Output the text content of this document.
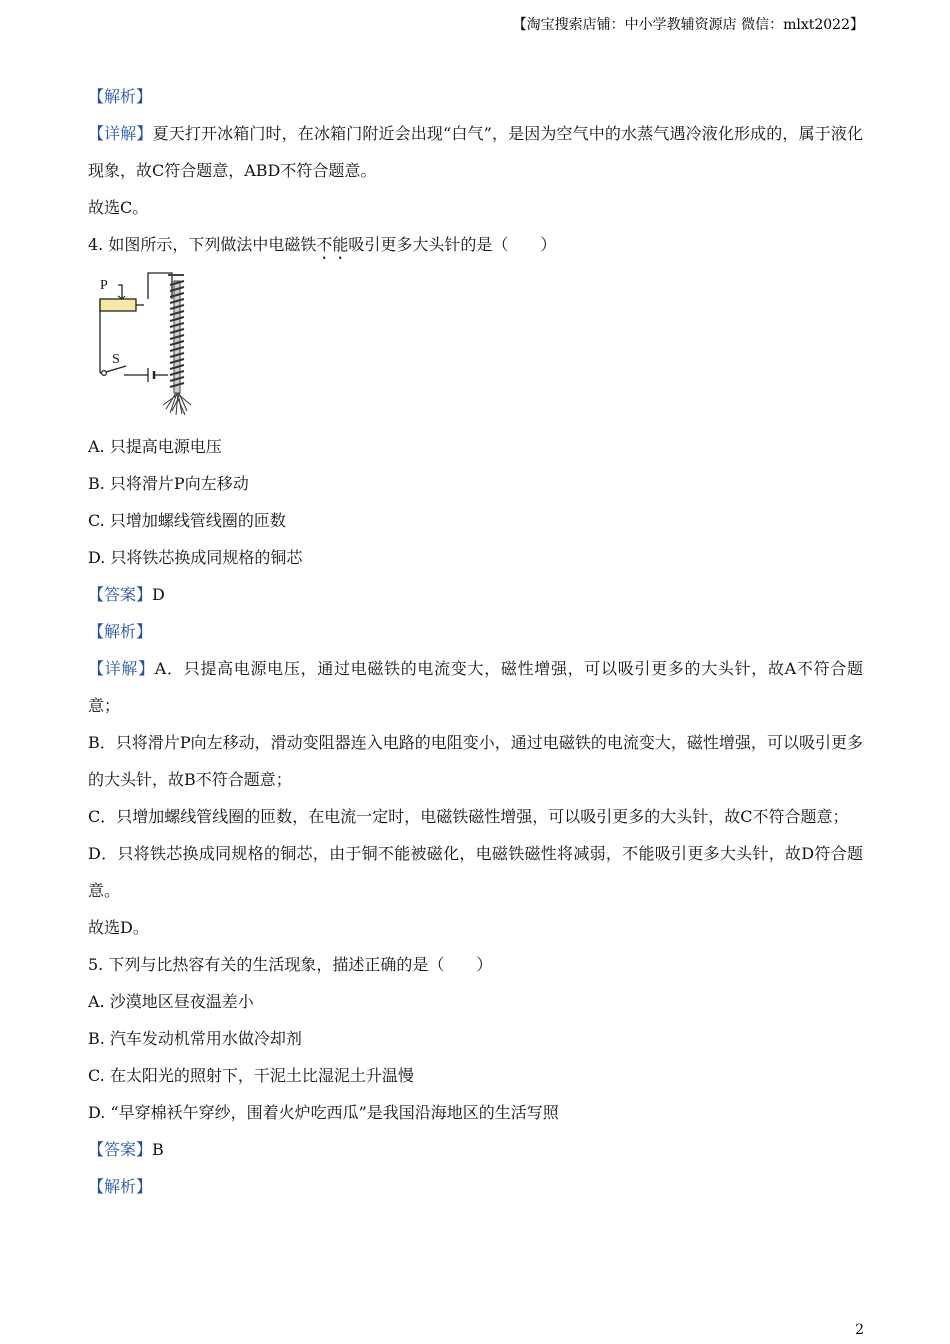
【淘宝搜索店铺：中小学教辅资源店 微信：mlxt2022】
【解析】
【详解】夏天打开冰箱门时，在冰箱门附近会出现“白气”，是因为空气中的水蒸气遇冷液化形成的，属于液化现象，故C符合题意，ABD不符合题意。
故选C。
4. 如图所示，下列做法中电磁铁不能吸引更多大头针的是（　　）
P
S
A. 只提高电源电压
B. 只将滑片P向左移动
C. 只增加螺线管线圈的匝数
D. 只将铁芯换成同规格的铜芯
【答案】D
【解析】
【详解】A．只提高电源电压，通过电磁铁的电流变大，磁性增强，可以吸引更多的大头针，故A不符合题意；
B．只将滑片P向左移动，滑动变阻器连入电路的电阻变小，通过电磁铁的电流变大，磁性增强，可以吸引更多的大头针，故B不符合题意；
C．只增加螺线管线圈的匝数，在电流一定时，电磁铁磁性增强，可以吸引更多的大头针，故C不符合题意；
D．只将铁芯换成同规格的铜芯，由于铜不能被磁化，电磁铁磁性将减弱，不能吸引更多大头针，故D符合题意。
故选D。
5. 下列与比热容有关的生活现象，描述正确的是（　　）
A. 沙漠地区昼夜温差小
B. 汽车发动机常用水做冷却剂
C. 在太阳光的照射下，干泥土比湿泥土升温慢
D. “早穿棉袄午穿纱，围着火炉吃西瓜”是我国沿海地区的生活写照
【答案】B
【解析】
2
